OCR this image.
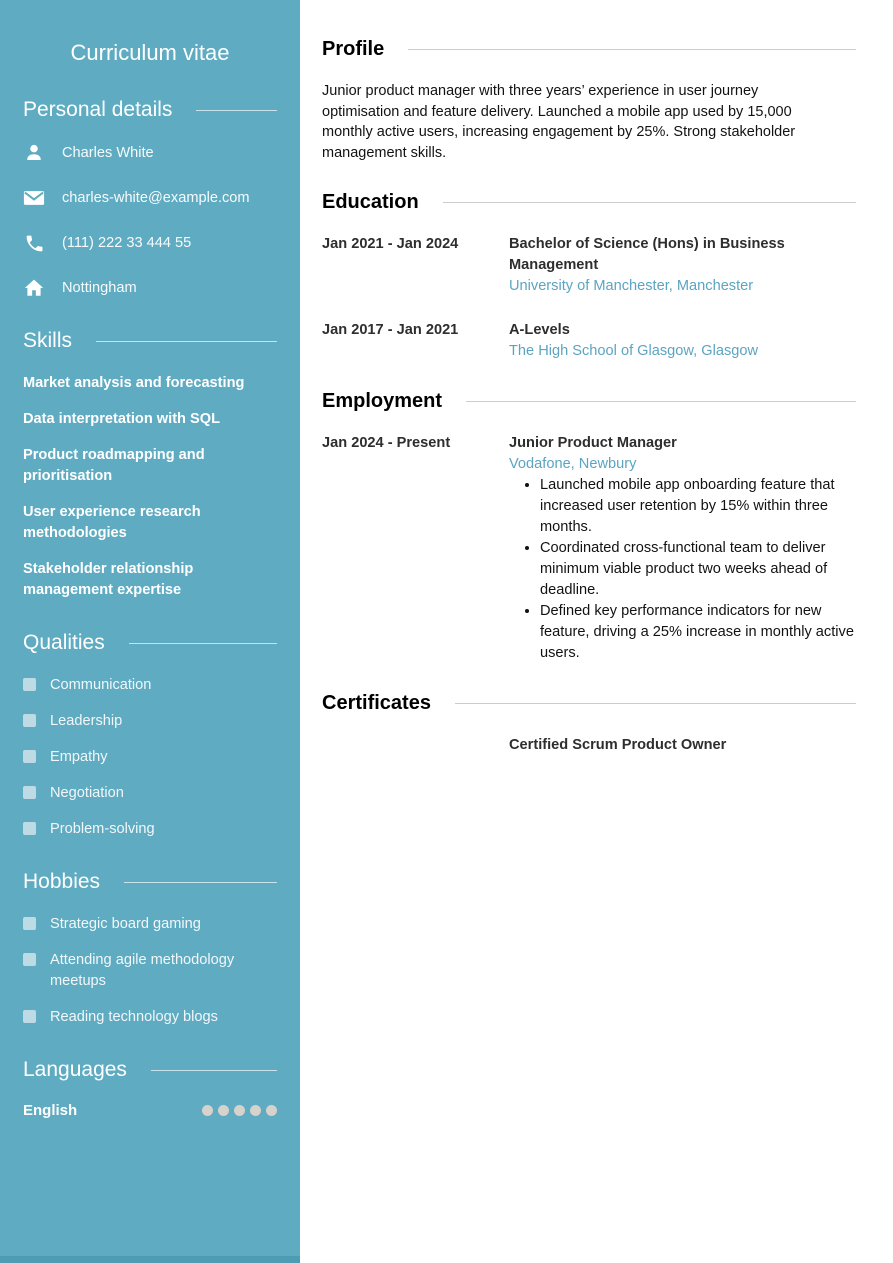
Curriculum vitae
Personal details
Charles White
charles-white@example.com
(111) 222 33 444 55
Nottingham
Skills
Market analysis and forecasting
Data interpretation with SQL
Product roadmapping and prioritisation
User experience research methodologies
Stakeholder relationship management expertise
Qualities
Communication
Leadership
Empathy
Negotiation
Problem-solving
Hobbies
Strategic board gaming
Attending agile methodology meetups
Reading technology blogs
Languages
English
Profile

Junior product manager with three years’ experience in user journey optimisation and feature delivery. Launched a mobile app used by 15,000 monthly active users, increasing engagement by 25%. Strong stakeholder management skills.

Education
Jan 2021 - Jan 2024	Bachelor of Science (Hons) in Business Management
University of Manchester, Manchester
Jan 2017 - Jan 2021	A-Levels
The High School of Glasgow, Glasgow
Employment
Jan 2024 - Present	Junior Product Manager
Vodafone, Newbury
• Launched mobile app onboarding feature that increased user retention by 15% within three months.
• Coordinated cross-functional team to deliver minimum viable product two weeks ahead of deadline.
• Defined key performance indicators for new feature, driving a 25% increase in monthly active users.
Certificates
Certified Scrum Product Owner
